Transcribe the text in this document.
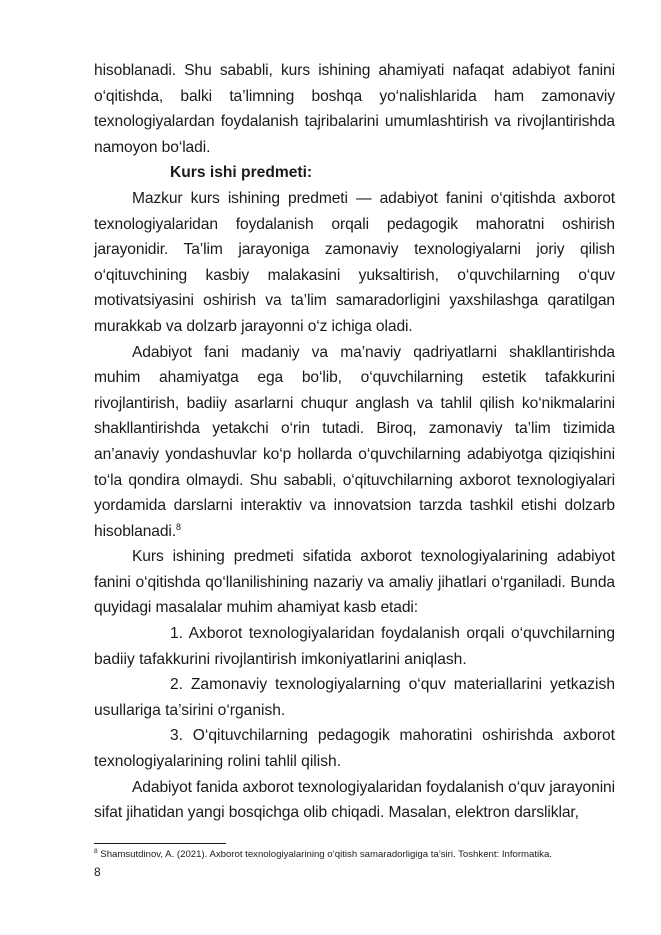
hisoblanadi. Shu sababli, kurs ishining ahamiyati nafaqat adabiyot fanini o‘qitishda, balki ta’limning boshqa yo‘nalishlarida ham zamonaviy texnologiyalardan foydalanish tajribalarini umumlashtirish va rivojlantirishda namoyon bo‘ladi.

Kurs ishi predmeti:

Mazkur kurs ishining predmeti — adabiyot fanini o‘qitishda axborot texnologiyalaridan foydalanish orqali pedagogik mahoratni oshirish jarayonidir. Ta’lim jarayoniga zamonaviy texnologiyalarni joriy qilish o‘qituvchining kasbiy malakasini yuksaltirish, o‘quvchilarning o‘quv motivatsiyasini oshirish va ta’lim samaradorligini yaxshilashga qaratilgan murakkab va dolzarb jarayonni o‘z ichiga oladi.

Adabiyot fani madaniy va ma’naviy qadriyatlarni shakllantirishda muhim ahamiyatga ega bo‘lib, o‘quvchilarning estetik tafakkurini rivojlantirish, badiiy asarlarni chuqur anglash va tahlil qilish ko‘nikmalarini shakllantirishda yetakchi o‘rin tutadi. Biroq, zamonaviy ta’lim tizimida an’anaviy yondashuvlar ko‘p hollarda o‘quvchilarning adabiyotga qiziqishini to‘la qondira olmaydi. Shu sababli, o‘qituvchilarning axborot texnologiyalari yordamida darslarni interaktiv va innovatsion tarzda tashkil etishi dolzarb hisoblanadi.$^8$

Kurs ishining predmeti sifatida axborot texnologiyalarining adabiyot fanini o‘qitishda qo‘llanilishining nazariy va amaliy jihatlari o‘rganiladi. Bunda quyidagi masalalar muhim ahamiyat kasb etadi:

1. Axborot texnologiyalaridan foydalanish orqali o‘quvchilarning badiiy tafakkurini rivojlantirish imkoniyatlarini aniqlash.

2. Zamonaviy texnologiyalarning o‘quv materiallarini yetkazish usullariga ta’sirini o‘rganish.

3. O‘qituvchilarning pedagogik mahoratini oshirishda axborot texnologiyalarining rolini tahlil qilish.

Adabiyot fanida axborot texnologiyalaridan foydalanish o‘quv jarayonini sifat jihatidan yangi bosqichga olib chiqadi. Masalan, elektron darsliklar,

$^8$ Shamsutdinov, A. (2021). Axborot texnologiyalarining o‘qitish samaradorligiga ta’siri. Toshkent: Informatika.

8
